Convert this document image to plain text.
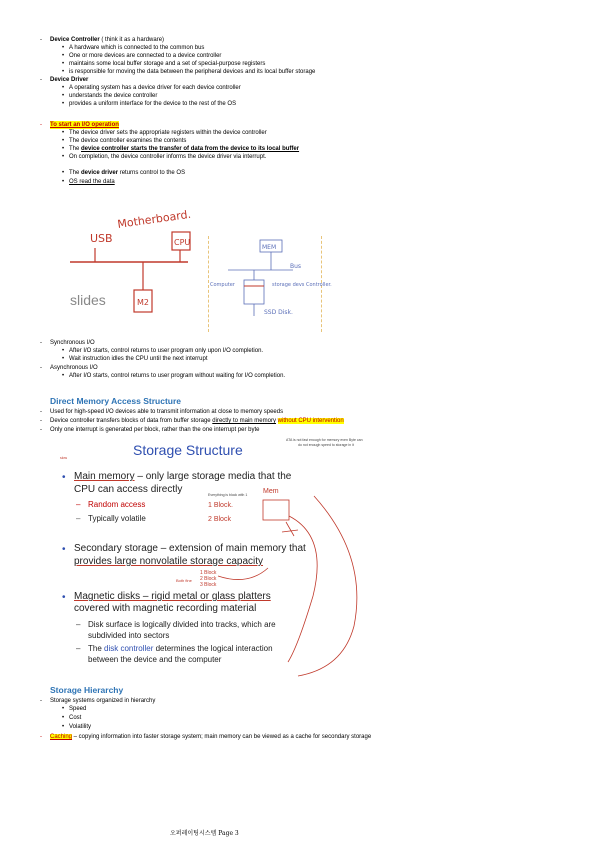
- Device Controller ( think it as a hardware)
• A hardware which is connected to the common bus
• One or more devices are connected to a device controller
• maintains some local buffer storage and a set of special-purpose registers
• is responsible for moving the data between the peripheral devices and its local buffer storage
- Device Driver
• A operating system has a device driver for each device controller
• understands the device controller
• provides a uniform interface for the device to the rest of the OS
- To start an I/O operation
• The device driver sets the appropriate registers within the device controller
• The device controller examines the contents
• The device controller starts the transfer of data from the device to its local buffer
• On completion, the device controller informs the device driver via interrupt.
• The device driver returns control to the OS
• OS read the data
USB
Motherboard.
CPU
M2
slides
MEM
Bus
Computer	storage devs Controller.
SSD Disk.
- Synchronous I/O
• After I/O starts, control returns to user program only upon I/O completion.
• Wait instruction idles the CPU until the next interrupt
- Asynchronous I/O
• After I/O starts, control returns to user program without waiting for I/O completion.
Direct Memory Access Structure
- Used for high-speed I/O devices able to transmit information at close to memory speeds
- Device controller transfers blocks of data from buffer storage directly to main memory without CPU intervention
- Only one interrupt is generated per block, rather than the one interrupt per byte
Storage Structure
slow
ATA is not fast enough for memory even Byte can
do not enough speed to storage in it
• Main memory – only large storage media that the
CPU can access directly
– Random access
– Typically volatile
• Secondary storage – extension of main memory that
provides large nonvolatile storage capacity
• Magnetic disks – rigid metal or glass platters
covered with magnetic recording material
– Disk surface is logically divided into tracks, which are
subdivided into sectors
– The disk controller determines the logical interaction
between the device and the computer
Everything is block with 1
1 Block.
2 Block
Mem
Both fine
1 Block 2 Block 3 Block
Storage Hierarchy
- Storage systems organized in hierarchy
• Speed
• Cost
• Volatility
- Caching – copying information into faster storage system; main memory can be viewed as a cache for secondary storage
오퍼레이팅시스템 Page 3
